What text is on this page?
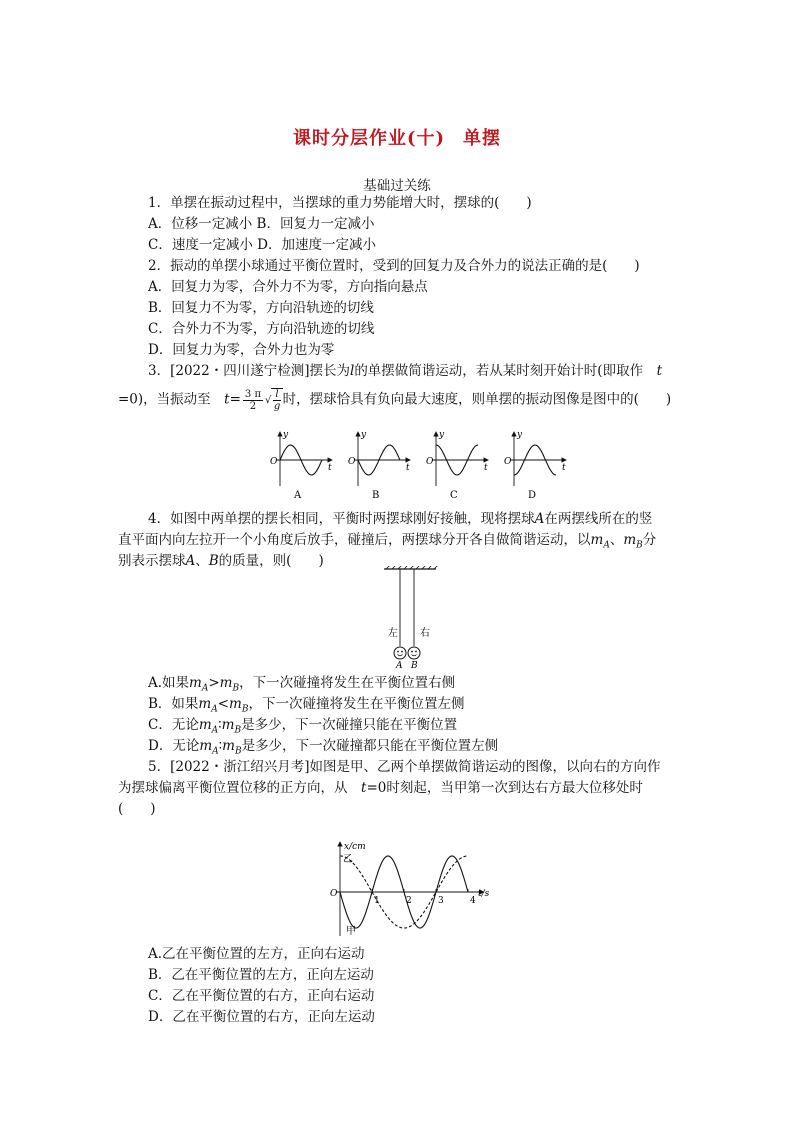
课时分层作业(十) 单摆
基础过关练
1．单摆在振动过程中，当摆球的重力势能增大时，摆球的(　　)
A．位移一定减小 B．回复力一定减小
C．速度一定减小 D．加速度一定减小
2．振动的单摆小球通过平衡位置时，受到的回复力及合外力的说法正确的是(　　)
A．回复力为零，合外力不为零，方向指向悬点
B．回复力不为零，方向沿轨迹的切线
C．合外力不为零，方向沿轨迹的切线
D．回复力为零，合外力也为零
3．[2022・四川遂宁检测]摆长为l的单摆做简谐运动，若从某时刻开始计时(即取作　 t
=0)，当振动至　 $t= \frac{3 \pi}{2}$ √ $\frac{l}{g}$ 时，摆球恰具有负向最大速度，则单摆的振动图像是图中的(　　)
y
t
O
A
y
t
O
B
y
t
O
C
y
t
O
D
4．如图中两单摆的摆长相同，平衡时两摆球刚好接触，现将摆球A在两摆线所在的竖
直平面内向左拉开一个小角度后放手，碰撞后，两摆球分开各自做简谐运动，以$m_A$、$m_B$分
别表示摆球A、B的质量，则(　　)
左 右
A B
A.如果$m_A>m_B$，下一次碰撞将发生在平衡位置右侧
B．如果$m_A<m_B$，下一次碰撞将发生在平衡位置左侧
C．无论$m_A∶m_B$是多少，下一次碰撞只能在平衡位置
D．无论$m_A∶m_B$是多少，下一次碰撞都只能在平衡位置左侧
5．[2022・浙江绍兴月考]如图是甲、乙两个单摆做简谐运动的图像，以向右的方向作
为摆球偏离平衡位置位移的正方向，从　 t=0时刻起，当甲第一次到达右方最大位移处时
(　　)
1	2	3	4
x/cm
t/s
O
乙
甲
A.乙在平衡位置的左方，正向右运动
B．乙在平衡位置的左方，正向左运动
C．乙在平衡位置的右方，正向右运动
D．乙在平衡位置的右方，正向左运动
